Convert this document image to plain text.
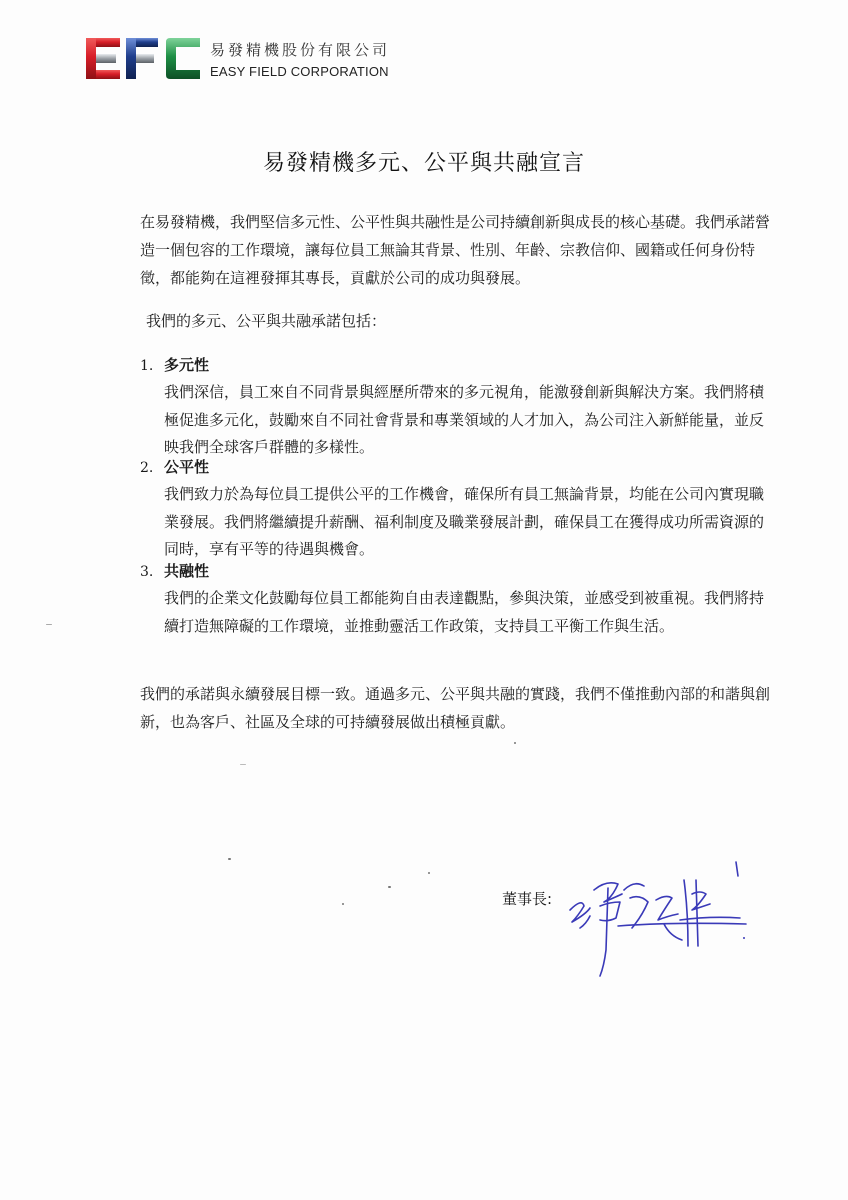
易發精機股份有限公司
EASY FIELD CORPORATION
易發精機多元、公平與共融宣言
在易發精機，我們堅信多元性、公平性與共融性是公司持續創新與成長的核心基礎。我們承諾營造一個包容的工作環境，讓每位員工無論其背景、性別、年齡、宗教信仰、國籍或任何身份特徵，都能夠在這裡發揮其專長，貢獻於公司的成功與發展。
我們的多元、公平與共融承諾包括：
1. 多元性
我們深信，員工來自不同背景與經歷所帶來的多元視角，能激發創新與解決方案。我們將積極促進多元化，鼓勵來自不同社會背景和專業領域的人才加入，為公司注入新鮮能量，並反映我們全球客戶群體的多樣性。
2. 公平性
我們致力於為每位員工提供公平的工作機會，確保所有員工無論背景，均能在公司內實現職業發展。我們將繼續提升薪酬、福利制度及職業發展計劃，確保員工在獲得成功所需資源的同時，享有平等的待遇與機會。
3. 共融性
我們的企業文化鼓勵每位員工都能夠自由表達觀點，參與決策，並感受到被重視。我們將持續打造無障礙的工作環境，並推動靈活工作政策，支持員工平衡工作與生活。
我們的承諾與永續發展目標一致。通過多元、公平與共融的實踐，我們不僅推動內部的和諧與創新，也為客戶、社區及全球的可持續發展做出積極貢獻。
董事長:
